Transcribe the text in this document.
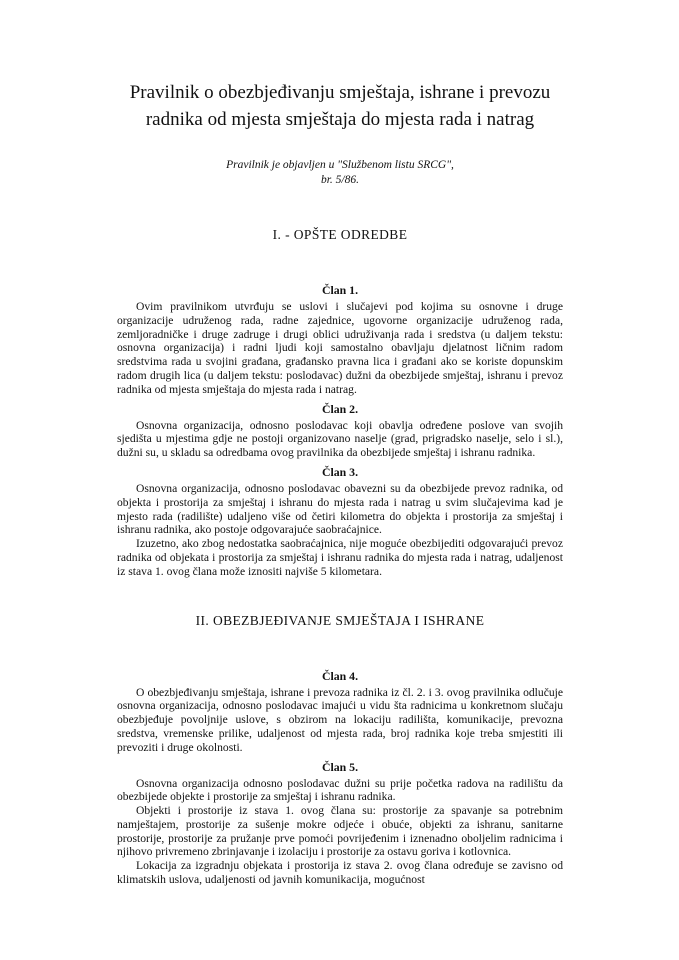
Pravilnik o obezbjeđivanju smještaja, ishrane i prevozu radnika od mjesta smještaja do mjesta rada i natrag

Pravilnik je objavljen u "Službenom listu SRCG",
br. 5/86.

I. - OPŠTE ODREDBE
Član 1.

Ovim pravilnikom utvrđuju se uslovi i slučajevi pod kojima su osnovne i druge organizacije udruženog rada, radne zajednice, ugovorne organizacije udruženog rada, zemljoradničke i druge zadruge i drugi oblici udruživanja rada i sredstva (u daljem tekstu: osnovna organizacija) i radni ljudi koji samostalno obavljaju djelatnost ličnim radom sredstvima rada u svojini građana, građansko pravna lica i građani ako se koriste dopunskim radom drugih lica (u daljem tekstu: poslodavac) dužni da obezbijede smještaj, ishranu i prevoz radnika od mjesta smještaja do mjesta rada i natrag.

Član 2.

Osnovna organizacija, odnosno poslodavac koji obavlja određene poslove van svojih sjedišta u mjestima gdje ne postoji organizovano naselje (grad, prigradsko naselje, selo i sl.), dužni su, u skladu sa odredbama ovog pravilnika da obezbijede smještaj i ishranu radnika.

Član 3.

Osnovna organizacija, odnosno poslodavac obavezni su da obezbijede prevoz radnika, od objekta i prostorija za smještaj i ishranu do mjesta rada i natrag u svim slučajevima kad je mjesto rada (radilište) udaljeno više od četiri kilometra do objekta i prostorija za smještaj i ishranu radnika, ako postoje odgovarajuće saobraćajnice.

Izuzetno, ako zbog nedostatka saobraćajnica, nije moguće obezbijediti odgovarajući prevoz radnika od objekata i prostorija za smještaj i ishranu radnika do mjesta rada i natrag, udaljenost iz stava 1. ovog člana može iznositi najviše 5 kilometara.

II. OBEZBJEĐIVANJE SMJEŠTAJA I ISHRANE
Član 4.

O obezbjeđivanju smještaja, ishrane i prevoza radnika iz čl. 2. i 3. ovog pravilnika odlučuje osnovna organizacija, odnosno poslodavac imajući u vidu šta radnicima u konkretnom slučaju obezbjeđuje povoljnije uslove, s obzirom na lokaciju radilišta, komunikacije, prevozna sredstva, vremenske prilike, udaljenost od mjesta rada, broj radnika koje treba smjestiti ili prevoziti i druge okolnosti.

Član 5.

Osnovna organizacija odnosno poslodavac dužni su prije početka radova na radilištu da obezbijede objekte i prostorije za smještaj i ishranu radnika.

Objekti i prostorije iz stava 1. ovog člana su: prostorije za spavanje sa potrebnim namještajem, prostorije za sušenje mokre odjeće i obuće, objekti za ishranu, sanitarne prostorije, prostorije za pružanje prve pomoći povrijeđenim i iznenadno oboljelim radnicima i njihovo privremeno zbrinjavanje i izolaciju i prostorije za ostavu goriva i kotlovnica.

Lokacija za izgradnju objekata i prostorija iz stava 2. ovog člana određuje se zavisno od klimatskih uslova, udaljenosti od javnih komunikacija, mogućnost
